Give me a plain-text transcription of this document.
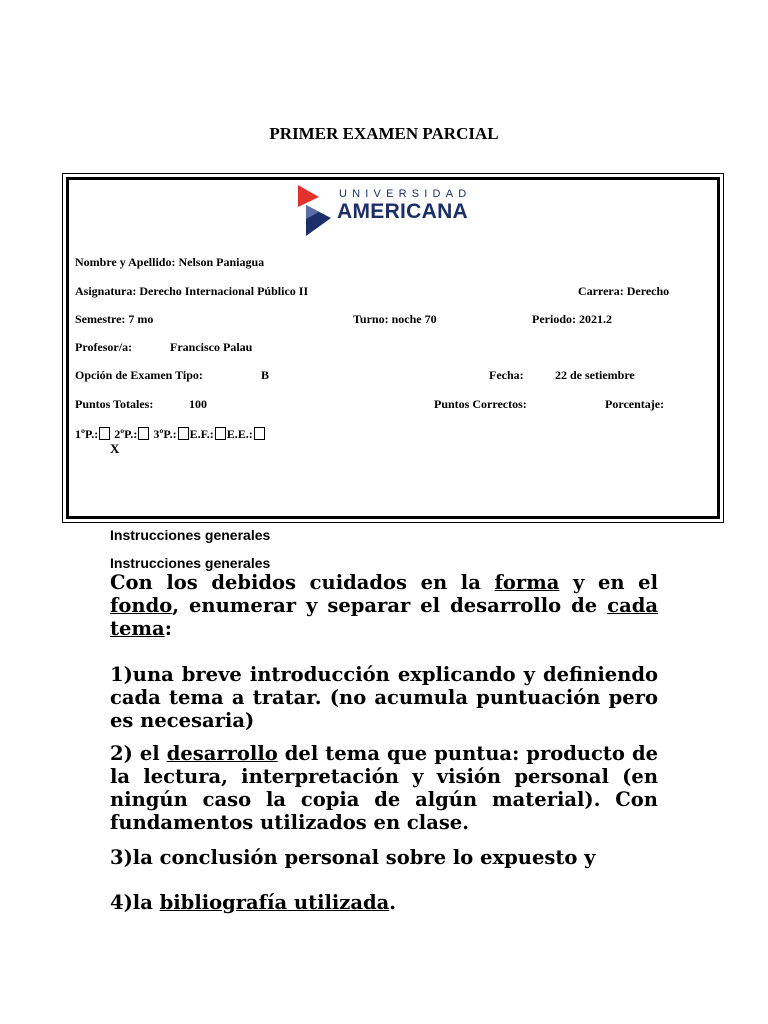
PRIMER EXAMEN PARCIAL
UNIVERSIDAD
AMERICANA
Nombre y Apellido: Nelson Paniagua
Asignatura: Derecho Internacional Público II	Carrera: Derecho
Semestre: 7 mo	Turno: noche 70	Periodo: 2021.2
Profesor/a:	Francisco Palau
Opción de Examen Tipo:	B	Fecha:	22 de setiembre
Puntos Totales:	100	Puntos Correctos:	Porcentaje:
1ºP.: 2ºP.: 3ºP.: E.F.: E.E.:
X
Instrucciones generales
Instrucciones generales
Con los debidos cuidados en la forma y en el fondo, enumerar y separar el desarrollo de cada tema:
1)una breve introducción explicando y definiendo cada tema a tratar. (no acumula puntuación pero es necesaria)
2) el desarrollo del tema que puntua: producto de la lectura, interpretación y visión personal (en ningún caso la copia de algún material). Con fundamentos utilizados en clase.
3)la conclusión personal sobre lo expuesto y
4)la bibliografía utilizada.
